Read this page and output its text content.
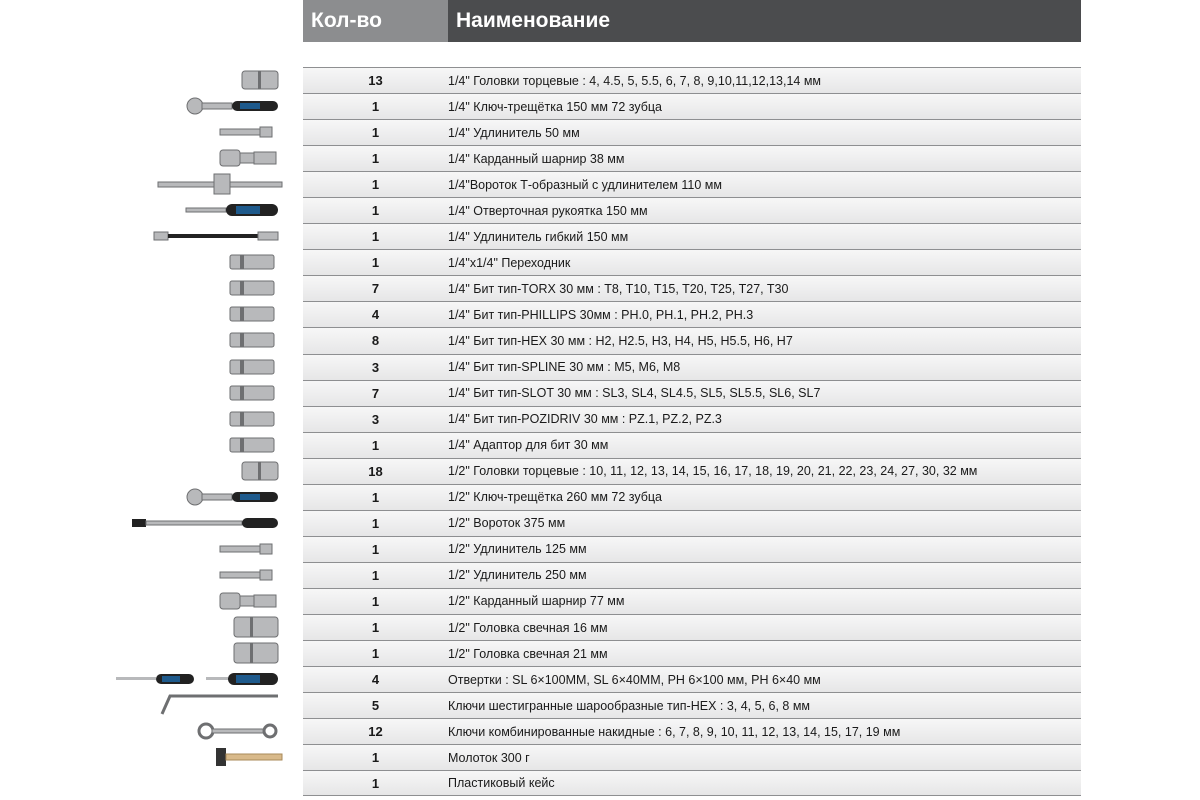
Кол-во	Наименование
13	1/4" Головки торцевые : 4, 4.5, 5, 5.5, 6, 7, 8, 9,10,11,12,13,14 мм
1	1/4" Ключ-трещётка 150 мм 72 зубца
1	1/4" Удлинитель 50 мм
1	1/4" Карданный шарнир 38 мм
1	1/4"Вороток Т-образный с удлинителем 110 мм
1	1/4" Отверточная рукоятка 150 мм
1	1/4" Удлинитель гибкий 150 мм
1	1/4"x1/4" Переходник
7	1/4" Бит тип-TORX 30 мм : T8, T10, T15, T20, T25, T27, T30
4	1/4" Бит тип-PHILLIPS 30мм : PH.0, PH.1, PH.2, PH.3
8	1/4" Бит тип-HEX 30 мм : H2, H2.5, H3, H4, H5, H5.5, H6, H7
3	1/4" Бит тип-SPLINE 30 мм : M5, M6, M8
7	1/4" Бит тип-SLOT 30 мм : SL3, SL4, SL4.5, SL5, SL5.5, SL6, SL7
3	1/4" Бит тип-POZIDRIV 30 мм : PZ.1, PZ.2, PZ.3
1	1/4" Адаптор для бит 30 мм
18	1/2" Головки торцевые : 10, 11, 12, 13, 14, 15, 16, 17, 18, 19, 20, 21, 22, 23, 24, 27, 30, 32 мм
1	1/2" Ключ-трещётка 260 мм 72 зубца
1	1/2" Вороток 375 мм
1	1/2" Удлинитель 125 мм
1	1/2" Удлинитель 250 мм
1	1/2" Карданный шарнир 77 мм
1	1/2" Головка свечная 16 мм
1	1/2" Головка свечная 21 мм
4	Отвертки : SL 6×100MM, SL 6×40MM, PH 6×100 мм, PH 6×40 мм
5	Ключи шестигранные шарообразные тип-HEX : 3, 4, 5, 6, 8 мм
12	Ключи комбинированные накидные : 6, 7, 8, 9, 10, 11, 12, 13, 14, 15, 17, 19 мм
1	Молоток 300 г
1	Пластиковый кейс
